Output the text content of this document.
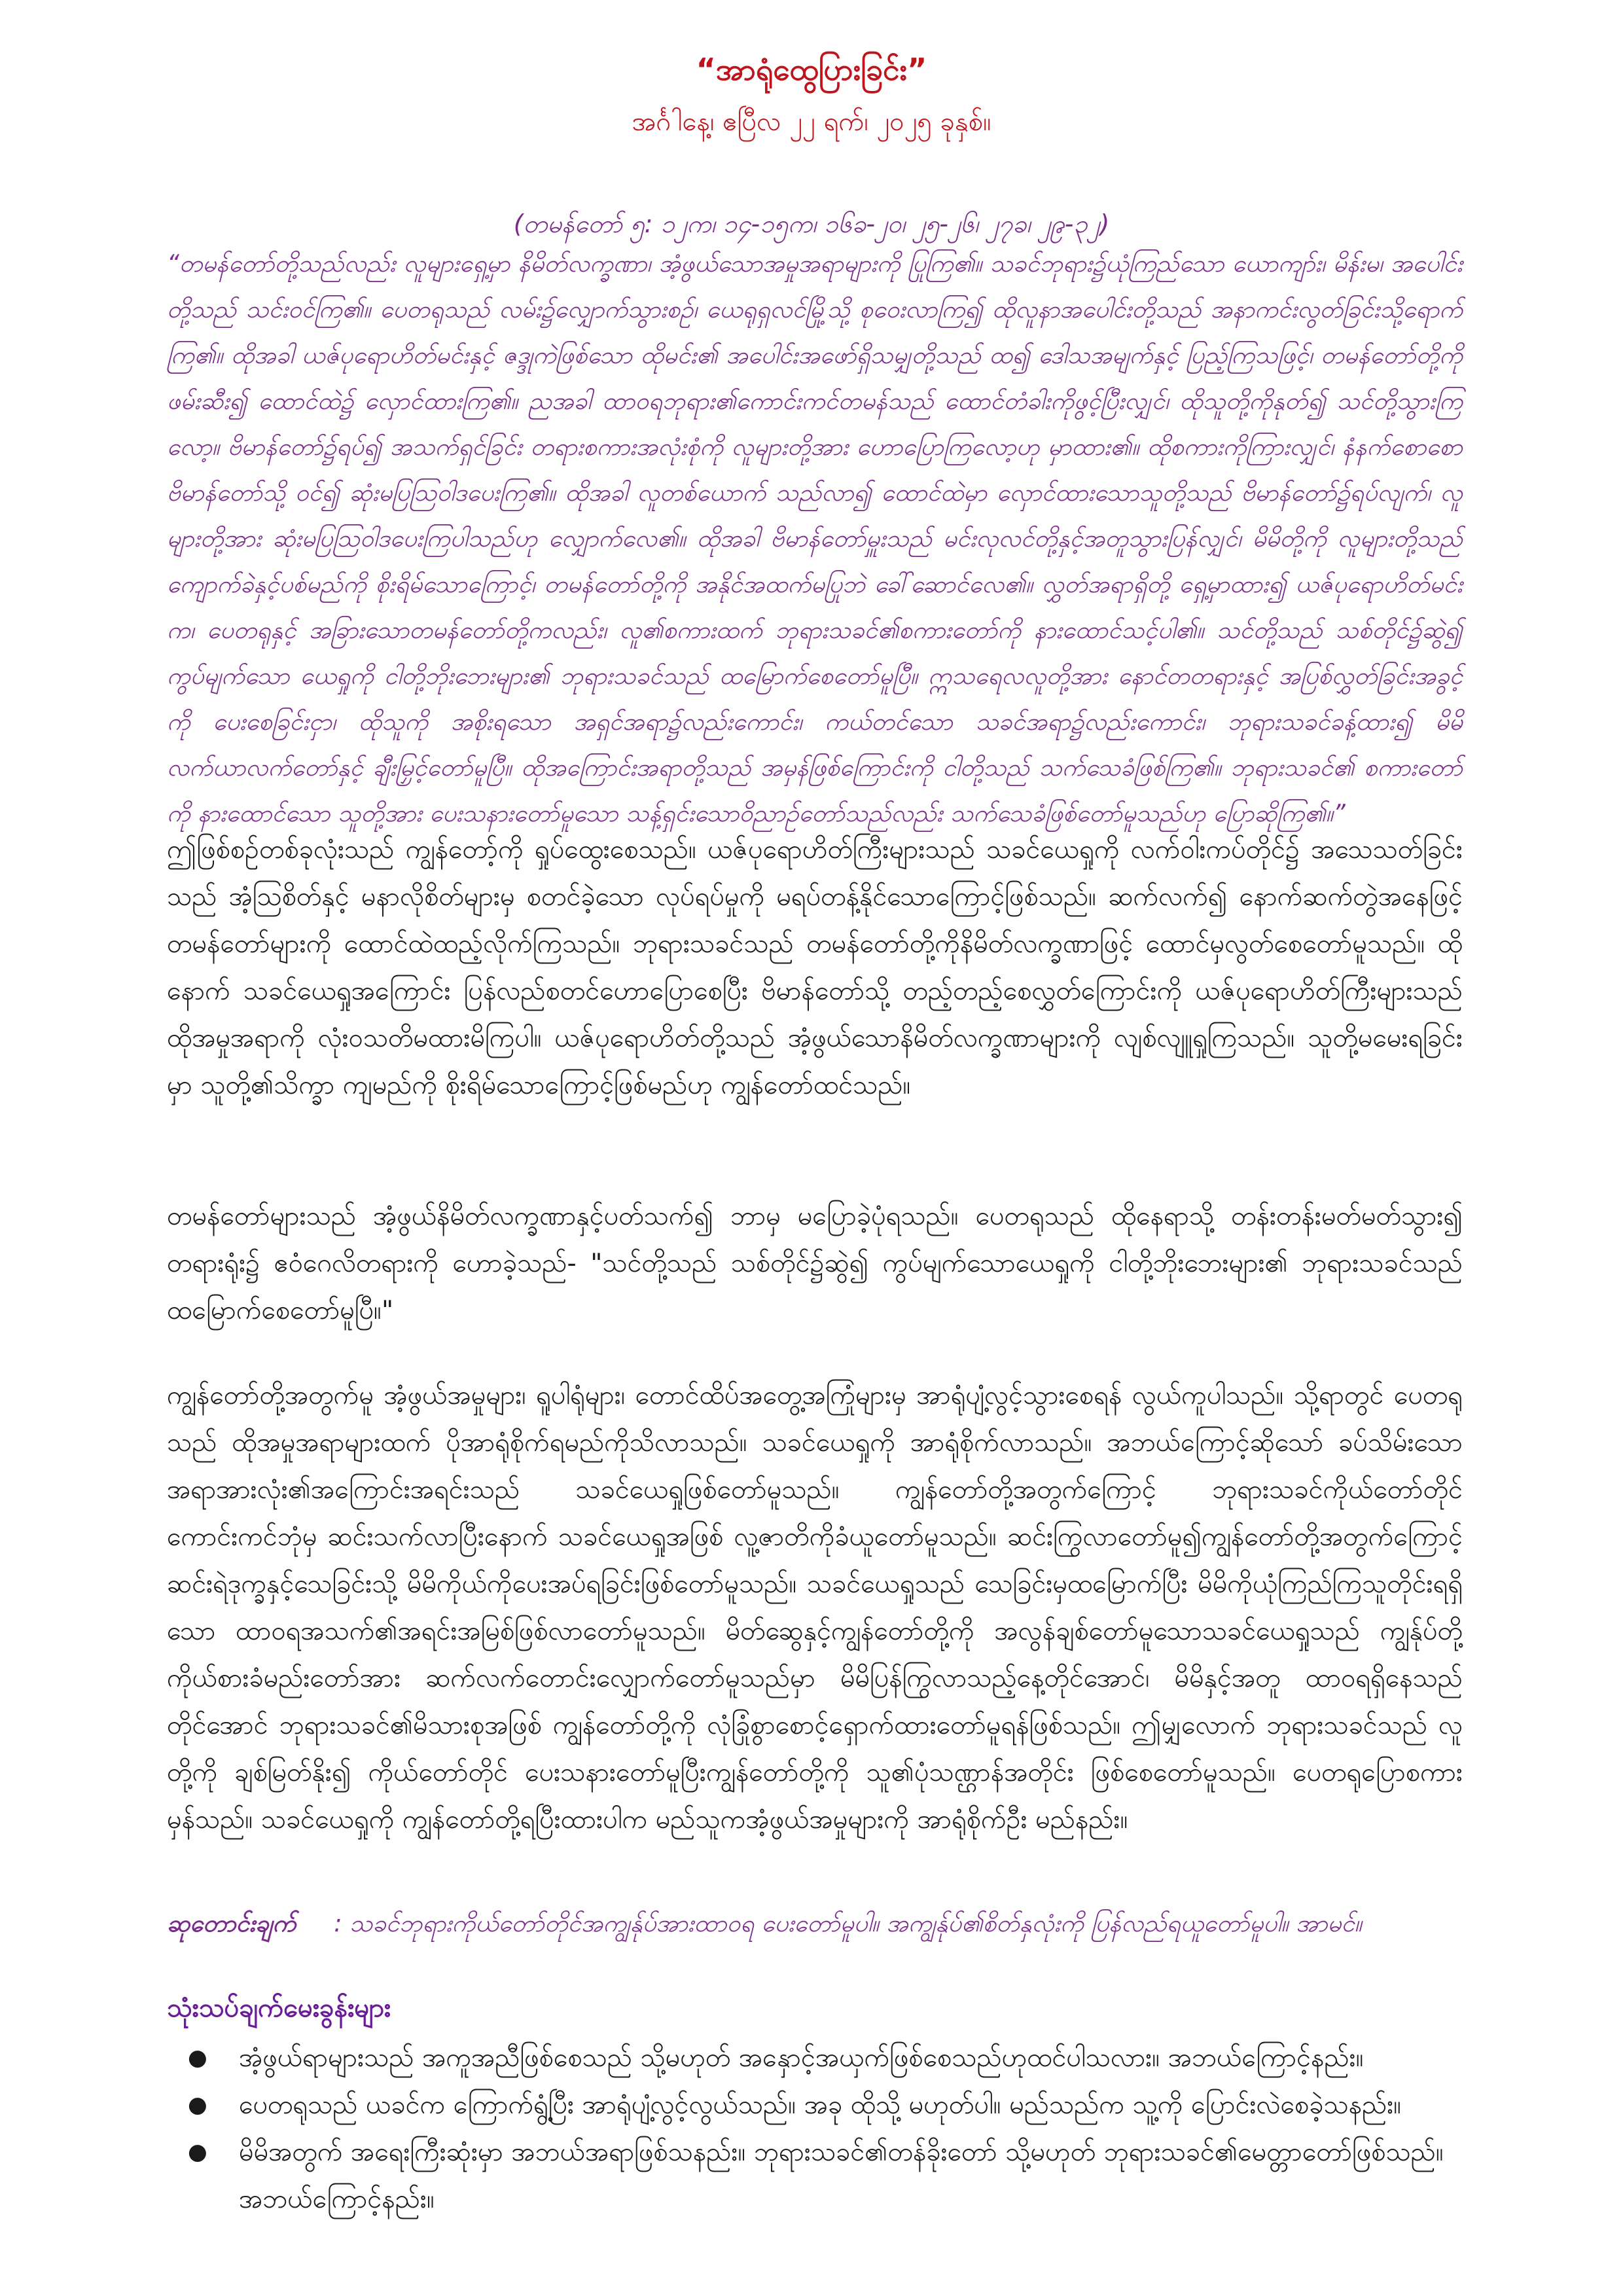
“အာရုံထွေပြားခြင်း”
အင်္ဂါနေ့၊ ဧပြီလ ၂၂ ရက်၊ ၂၀၂၅ ခုနှစ်။
(တမန်တော် ၅: ၁၂က၊ ၁၄-၁၅က၊ ၁၆ခ-၂၀၊ ၂၅-၂၆၊ ၂၇ခ၊ ၂၉-၃၂)
“တမန်တော်တို့သည်လည်း လူများရှေ့မှာ နိမိတ်လက္ခဏာ၊ အံ့ဖွယ်သောအမှုအရာများကို ပြုကြ၏။ သခင်ဘုရား၌ယုံကြည်သော ယောကျာ်း၊ မိန်းမ၊ အပေါင်းတို့သည် သင်းဝင်ကြ၏။ ပေတရုသည် လမ်း၌လျှောက်သွားစဉ်၊ ယေရုရှလင်မြို့သို့ စုဝေးလာကြ၍ ထိုလူနာအပေါင်းတို့သည် အနာကင်းလွတ်ခြင်းသို့ရောက်ကြ၏။ ထိုအခါ ယဇ်ပုရောဟိတ်မင်းနှင့် ဇဒ္ဒုကဲဖြစ်သော ထိုမင်း၏ အပေါင်းအဖော်ရှိသမျှတို့သည် ထ၍ ဒေါသအမျက်နှင့် ပြည့်ကြသဖြင့်၊ တမန်တော်တို့ကိုဖမ်းဆီး၍ ထောင်ထဲ၌ လှောင်ထားကြ၏။ ညအခါ ထာဝရဘုရား၏ကောင်းကင်တမန်သည် ထောင်တံခါးကိုဖွင့်ပြီးလျှင်၊ ထိုသူတို့ကိုနုတ်၍ သင်တို့သွားကြလော့။ ဗိမာန်တော်၌ရပ်၍ အသက်ရှင်ခြင်း တရားစကားအလုံးစုံကို လူများတို့အား ဟောပြောကြလော့ဟု မှာထား၏။ ထိုစကားကိုကြားလျှင်၊ နံနက်စောစော ဗိမာန်တော်သို့ ဝင်၍ ဆုံးမပြဩဝါဒပေးကြ၏။ ထိုအခါ လူတစ်ယောက် သည်လာ၍ ထောင်ထဲမှာ လှောင်ထားသောသူတို့သည် ဗိမာန်တော်၌ရပ်လျက်၊ လူများတို့အား ဆုံးမပြဩဝါဒပေးကြပါသည်ဟု လျှောက်လေ၏။ ထိုအခါ ဗိမာန်တော်မှူးသည် မင်းလုလင်တို့နှင့်အတူသွားပြန်လျှင်၊ မိမိတို့ကို လူများတို့သည် ကျောက်ခဲနှင့်ပစ်မည်ကို စိုးရိမ်သောကြောင့်၊ တမန်တော်တို့ကို အနိုင်အထက်မပြုဘဲ ခေါ်ဆောင်လေ၏။ လွှတ်အရာရှိတို့ ရှေ့မှာထား၍ ယဇ်ပုရောဟိတ်မင်းက၊ ပေတရုနှင့် အခြားသောတမန်တော်တို့ကလည်း၊ လူ၏စကားထက် ဘုရားသခင်၏စကားတော်ကို နားထောင်သင့်ပါ၏။ သင်တို့သည် သစ်တိုင်၌ဆွဲ၍ ကွပ်မျက်သော ယေရှုကို ငါတို့ဘိုးဘေးများ၏ ဘုရားသခင်သည် ထမြောက်စေတော်မူပြီ။ ဣသရေလလူတို့အား နောင်တတရားနှင့် အပြစ်လွှတ်ခြင်းအခွင့်ကို ပေးစေခြင်းငှာ၊ ထိုသူကို အစိုးရသော အရှင်အရာ၌လည်းကောင်း၊ ကယ်တင်သော သခင်အရာ၌လည်းကောင်း၊ ဘုရားသခင်ခန့်ထား၍ မိမိလက်ယာလက်တော်နှင့် ချီးမြှင့်တော်မူပြီ။ ထိုအကြောင်းအရာတို့သည် အမှန်ဖြစ်ကြောင်းကို ငါတို့သည် သက်သေခံဖြစ်ကြ၏။ ဘုရားသခင်၏ စကားတော်ကို နားထောင်သော သူတို့အား ပေးသနားတော်မူသော သန့်ရှင်းသောဝိညာဉ်တော်သည်လည်း သက်သေခံဖြစ်တော်မူသည်ဟု ပြောဆိုကြ၏။”
ဤဖြစ်စဉ်တစ်ခုလုံးသည် ကျွန်တော့်ကို ရှုပ်ထွေးစေသည်။ ယဇ်ပုရောဟိတ်ကြီးများသည် သခင်ယေရှုကို လက်ဝါးကပ်တိုင်၌ အသေသတ်ခြင်းသည် အံ့ဩစိတ်နှင့် မနာလိုစိတ်များမှ စတင်ခဲ့သော လုပ်ရပ်မှုကို မရပ်တန့်နိုင်သောကြောင့်ဖြစ်သည်။ ဆက်လက်၍ နောက်ဆက်တွဲအနေဖြင့် တမန်တော်များကို ထောင်ထဲထည့်လိုက်ကြသည်။ ဘုရားသခင်သည် တမန်တော်တို့ကိုနိမိတ်လက္ခဏာဖြင့် ထောင်မှလွတ်စေတော်မူသည်။ ထိုနောက် သခင်ယေရှုအကြောင်း ပြန်လည်စတင်ဟောပြောစေပြီး ဗိမာန်တော်သို့ တည့်တည့်စေလွှတ်ကြောင်းကို ယဇ်ပုရောဟိတ်ကြီးများသည် ထိုအမှုအရာကို လုံးဝသတိမထားမိကြပါ။ ယဇ်ပုရောဟိတ်တို့သည် အံ့ဖွယ်သောနိမိတ်လက္ခဏာများကို လျစ်လျူရှုကြသည်။ သူတို့မမေးရခြင်းမှာ သူတို့၏သိက္ခာ ကျမည်ကို စိုးရိမ်သောကြောင့်ဖြစ်မည်ဟု ကျွန်တော်ထင်သည်။
တမန်တော်များသည် အံ့ဖွယ်နိမိတ်လက္ခဏာနှင့်ပတ်သက်၍ ဘာမှ မပြောခဲ့ပုံရသည်။ ပေတရုသည် ထိုနေရာသို့ တန်းတန်းမတ်မတ်သွား၍ တရားရုံး၌ ဧဝံဂေလိတရားကို ဟောခဲ့သည်- "သင်တို့သည် သစ်တိုင်၌ဆွဲ၍ ကွပ်မျက်သောယေရှုကို ငါတို့ဘိုးဘေးများ၏ ဘုရားသခင်သည် ထမြောက်စေတော်မူပြီ။"
ကျွန်တော်တို့အတွက်မူ အံ့ဖွယ်အမှုများ၊ ရူပါရုံများ၊ တောင်ထိပ်အတွေ့အကြုံများမှ အာရုံပျံ့လွင့်သွားစေရန် လွယ်ကူပါသည်။ သို့ရာတွင် ပေတရုသည် ထိုအမှုအရာများထက် ပိုအာရုံစိုက်ရမည်ကိုသိလာသည်။ သခင်ယေရှုကို အာရုံစိုက်လာသည်။ အဘယ်ကြောင့်ဆိုသော် ခပ်သိမ်းသောအရာအားလုံး၏အကြောင်းအရင်းသည် သခင်ယေရှုဖြစ်တော်မူသည်။ ကျွန်တော်တို့အတွက်ကြောင့် ဘုရားသခင်ကိုယ်တော်တိုင် ကောင်းကင်ဘုံမှ ဆင်းသက်လာပြီးနောက် သခင်ယေရှုအဖြစ် လူ့ဇာတိကိုခံယူတော်မူသည်။ ဆင်းကြွလာတော်မူ၍ကျွန်တော်တို့အတွက်ကြောင့် ဆင်းရဲဒုက္ခနှင့်သေခြင်းသို့ မိမိကိုယ်ကိုပေးအပ်ရခြင်းဖြစ်တော်မူသည်။ သခင်ယေရှုသည် သေခြင်းမှထမြောက်ပြီး မိမိကိုယုံကြည်ကြသူတိုင်းရရှိသော ထာဝရအသက်၏အရင်းအမြစ်ဖြစ်လာတော်မူသည်။ မိတ်ဆွေနှင့်ကျွန်တော်တို့ကို အလွန်ချစ်တော်မူသောသခင်ယေရှုသည် ကျွန်ုပ်တို့ကိုယ်စားခံမည်းတော်အား ဆက်လက်တောင်းလျှောက်တော်မူသည်မှာ မိမိပြန်ကြွလာသည့်နေ့တိုင်အောင်၊ မိမိနှင့်အတူ ထာဝရရှိနေသည်တိုင်အောင် ဘုရားသခင်၏မိသားစုအဖြစ် ကျွန်တော်တို့ကို လုံခြုံစွာစောင့်ရှောက်ထားတော်မူရန်ဖြစ်သည်။ ဤမျှလောက် ဘုရားသခင်သည် လူတို့ကို ချစ်မြတ်နိုး၍ ကိုယ်တော်တိုင် ပေးသနားတော်မူပြီးကျွန်တော်တို့ကို သူ၏ပုံသဏ္ဌာန်အတိုင်း ဖြစ်စေတော်မူသည်။ ပေတရုပြောစကားမှန်သည်။ သခင်ယေရှုကို ကျွန်တော်တို့ရပြီးထားပါက မည်သူကအံ့ဖွယ်အမှုများကို အာရုံစိုက်ဦး မည်နည်း။
ဆုတောင်းချက် : သခင်ဘုရားကိုယ်တော်တိုင်အကျွန်ုပ်အားထာဝရ ပေးတော်မူပါ။ အကျွန်ုပ်၏စိတ်နှလုံးကို ပြန်လည်ရယူတော်မူပါ။ အာမင်။
သုံးသပ်ချက်မေးခွန်းများ
● အံ့ဖွယ်ရာများသည် အကူအညီဖြစ်စေသည် သို့မဟုတ် အနှောင့်အယှက်ဖြစ်စေသည်ဟုထင်ပါသလား။ အဘယ်ကြောင့်နည်း။
● ပေတရုသည် ယခင်က ကြောက်ရွံ့ပြီး အာရုံပျံ့လွင့်လွယ်သည်။ အခု ထိုသို့ မဟုတ်ပါ။ မည်သည်က သူ့ကို ပြောင်းလဲစေခဲ့သနည်း။
● မိမိအတွက် အရေးကြီးဆုံးမှာ အဘယ်အရာဖြစ်သနည်း။ ဘုရားသခင်၏တန်ခိုးတော် သို့မဟုတ် ဘုရားသခင်၏မေတ္တာတော်ဖြစ်သည်။ အဘယ်ကြောင့်နည်း။
